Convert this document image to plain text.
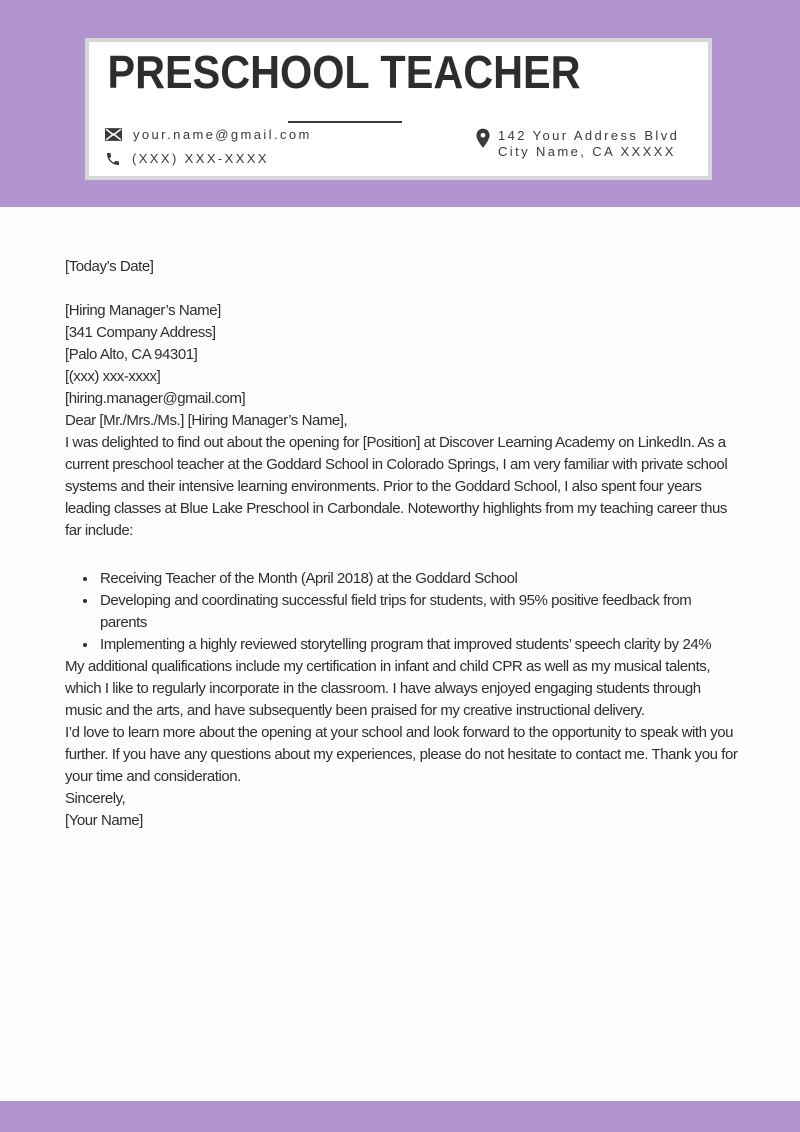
PRESCHOOL TEACHER
your.name@gmail.com
(XXX) XXX-XXXX
142 Your Address Blvd
City Name, CA XXXXX

[Today’s Date]

[Hiring Manager’s Name]

[341 Company Address]

[Palo Alto, CA 94301]

[(xxx) xxx-xxxx]

[hiring.manager@gmail.com]

Dear [Mr./Mrs./Ms.] [Hiring Manager’s Name],

I was delighted to find out about the opening for [Position] at Discover Learning Academy on LinkedIn. As a current preschool teacher at the Goddard School in Colorado Springs, I am very familiar with private school systems and their intensive learning environments. Prior to the Goddard School, I also spent four years leading classes at Blue Lake Preschool in Carbondale. Noteworthy highlights from my teaching career thus far include:

• Receiving Teacher of the Month (April 2018) at the Goddard School
• Developing and coordinating successful field trips for students, with 95% positive feedback from parents
• Implementing a highly reviewed storytelling program that improved students’ speech clarity by 24%

My additional qualifications include my certification in infant and child CPR as well as my musical talents, which I like to regularly incorporate in the classroom. I have always enjoyed engaging students through music and the arts, and have subsequently been praised for my creative instructional delivery.

I’d love to learn more about the opening at your school and look forward to the opportunity to speak with you further. If you have any questions about my experiences, please do not hesitate to contact me. Thank you for your time and consideration.

Sincerely,

[Your Name]
